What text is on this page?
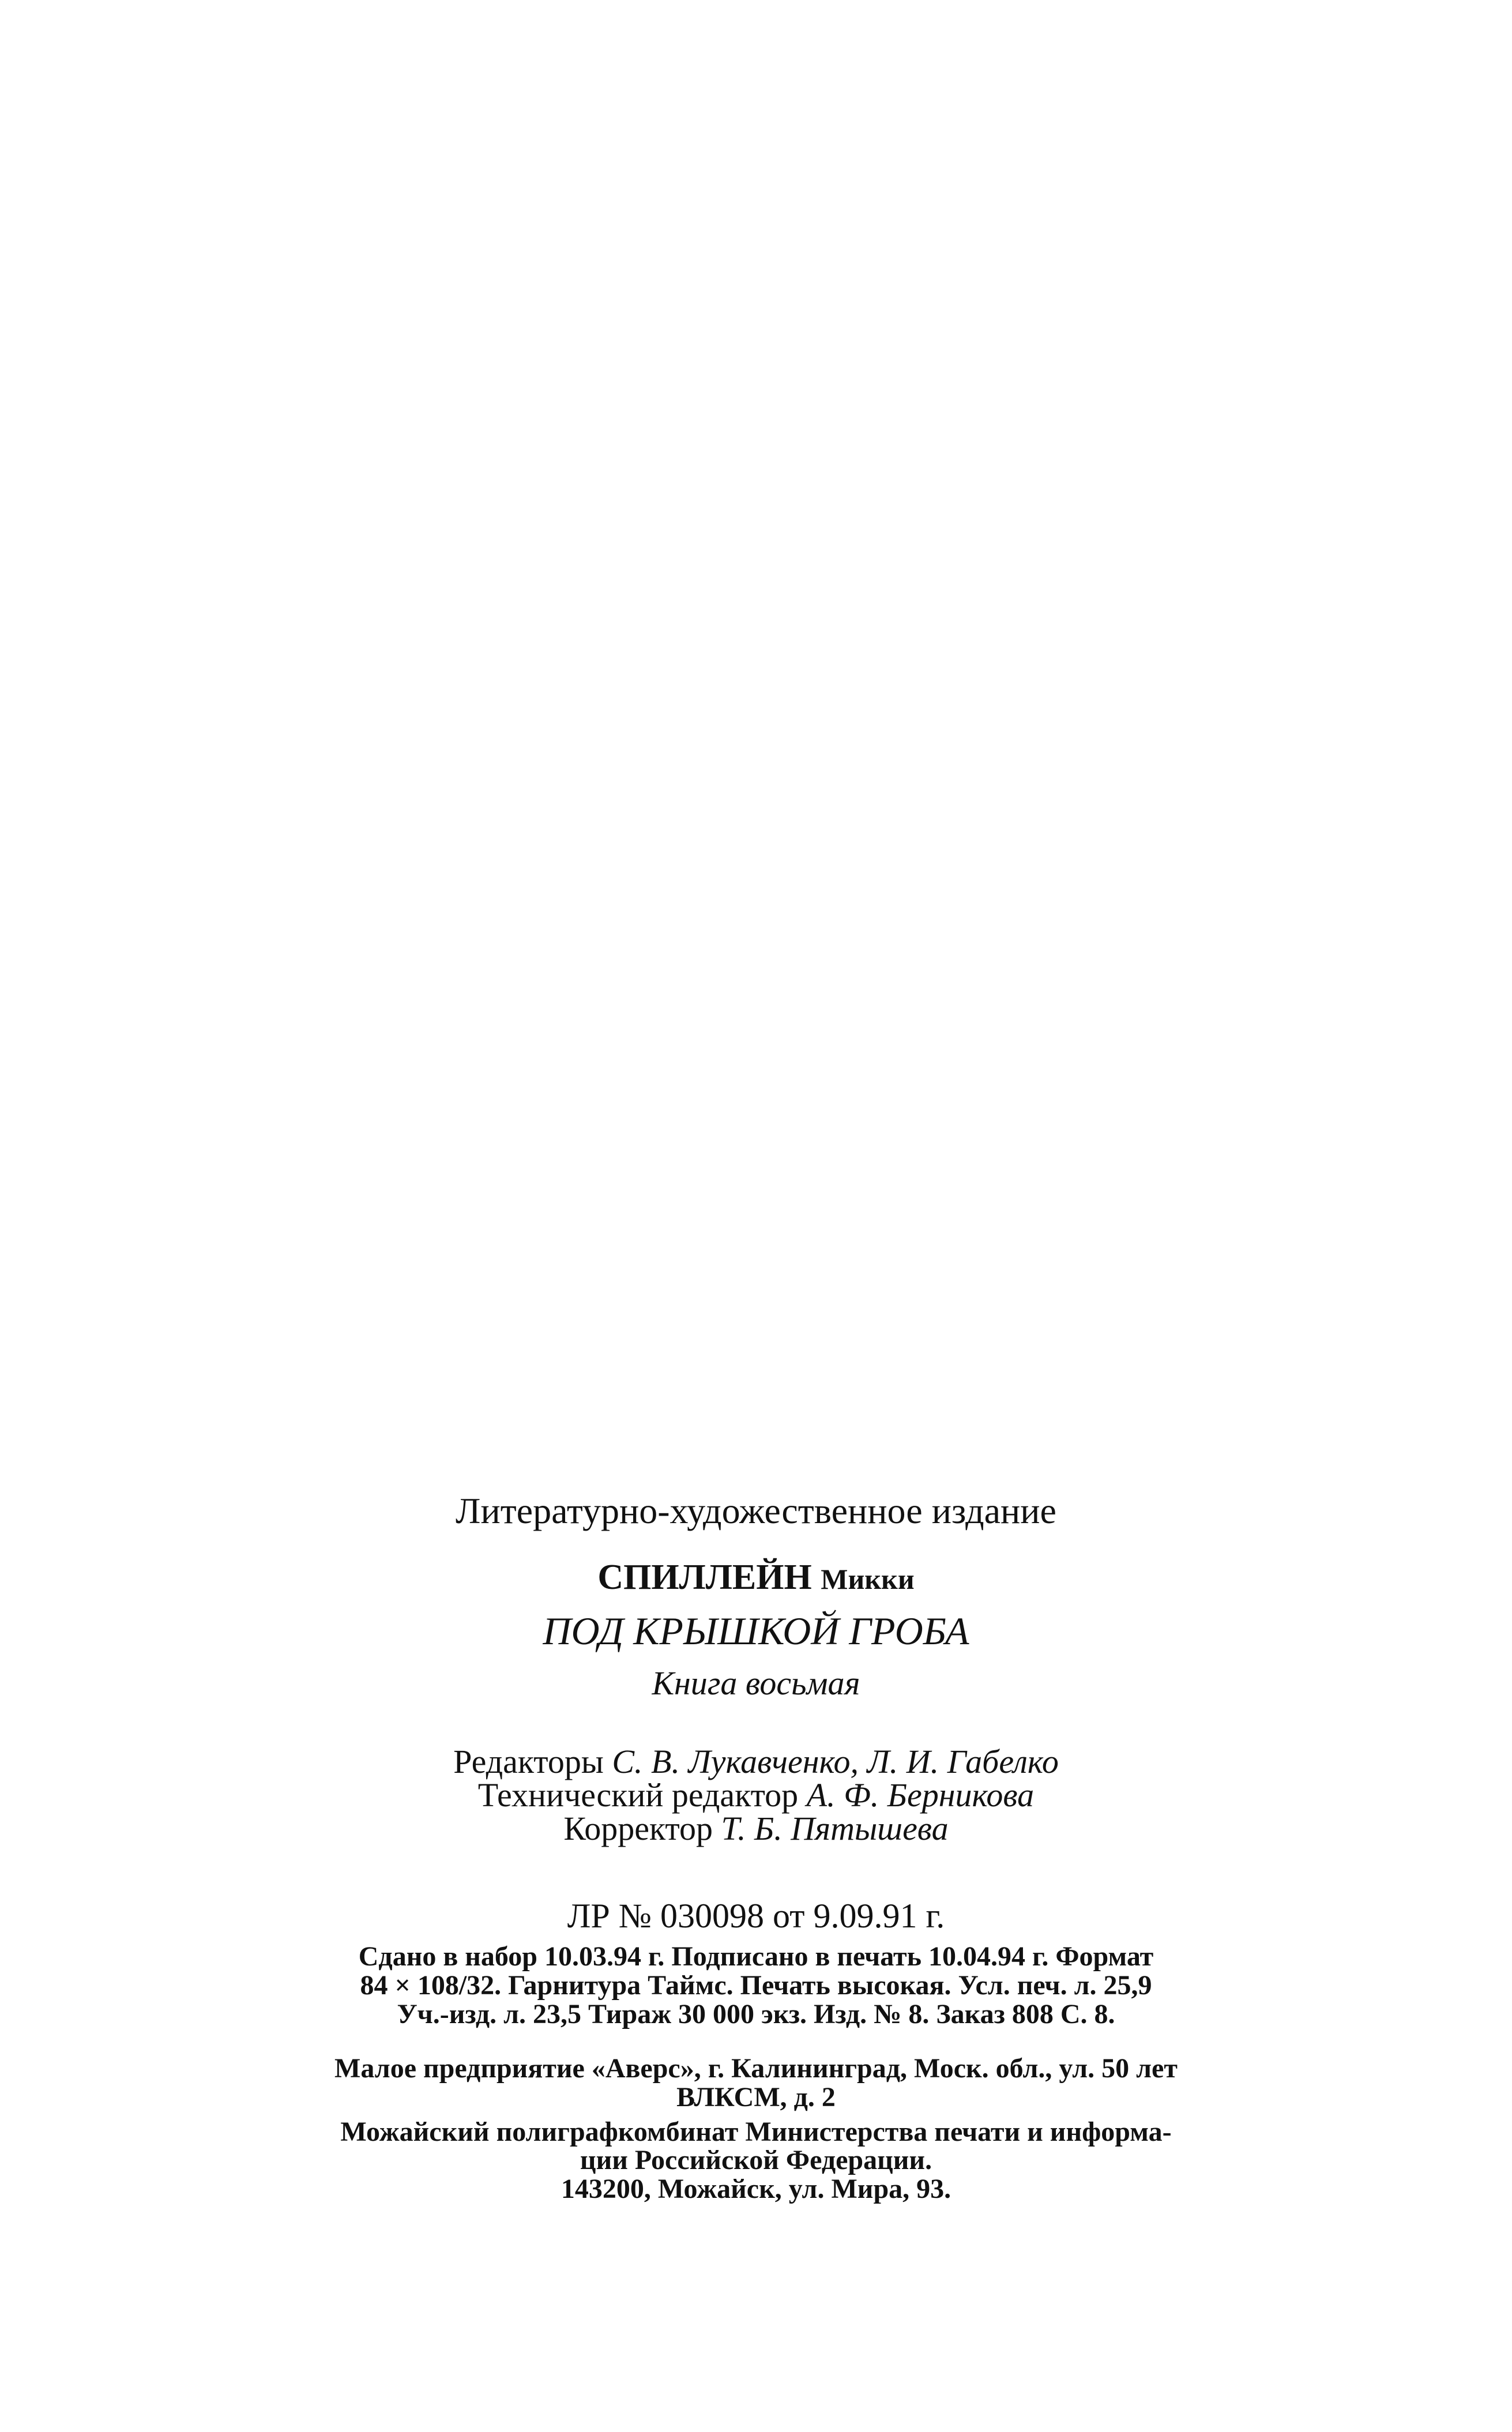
Литературно-художественное издание
СПИЛЛЕЙН Микки
ПОД КРЫШКОЙ ГРОБА
Книга восьмая
Редакторы С. В. Лукавченко, Л. И. Габелко
Технический редактор А. Ф. Берникова
Корректор Т. Б. Пятышева
ЛР № 030098 от 9.09.91 г.
Сдано в набор 10.03.94 г. Подписано в печать 10.04.94 г. Формат
84 × 108/32. Гарнитура Таймс. Печать высокая. Усл. печ. л. 25,9
Уч.-изд. л. 23,5 Тираж 30 000 экз. Изд. № 8. Заказ 808 С. 8.
Малое предприятие «Аверс», г. Калининград, Моск. обл., ул. 50 лет
ВЛКСМ, д. 2
Можайский полиграфкомбинат Министерства печати и информа-
ции Российской Федерации.
143200, Можайск, ул. Мира, 93.
